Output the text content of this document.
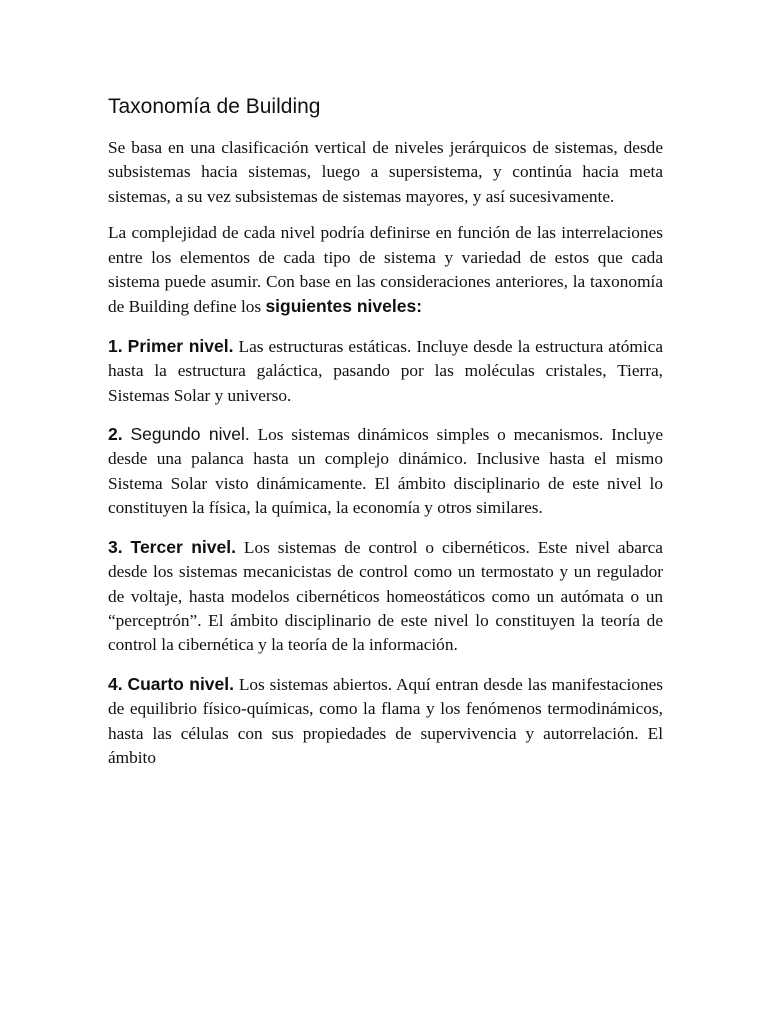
Taxonomía de Building

Se basa en una clasificación vertical de niveles jerárquicos de sistemas, desde subsistemas hacia sistemas, luego a supersistema, y continúa hacia meta sistemas, a su vez subsistemas de sistemas mayores, y así sucesivamente.

La complejidad de cada nivel podría definirse en función de las interrelaciones entre los elementos de cada tipo de sistema y variedad de estos que cada sistema puede asumir. Con base en las consideraciones anteriores, la taxonomía de Building define los siguientes niveles:

1. Primer nivel. Las estructuras estáticas. Incluye desde la estructura atómica hasta la estructura galáctica, pasando por las moléculas cristales, Tierra, Sistemas Solar y universo.

2. Segundo nivel. Los sistemas dinámicos simples o mecanismos. Incluye desde una palanca hasta un complejo dinámico. Inclusive hasta el mismo Sistema Solar visto dinámicamente. El ámbito disciplinario de este nivel lo constituyen la física, la química, la economía y otros similares.

3. Tercer nivel. Los sistemas de control o cibernéticos. Este nivel abarca desde los sistemas mecanicistas de control como un termostato y un regulador de voltaje, hasta modelos cibernéticos homeostáticos como un autómata o un “perceptrón”. El ámbito disciplinario de este nivel lo constituyen la teoría de control la cibernética y la teoría de la información.

4. Cuarto nivel. Los sistemas abiertos. Aquí entran desde las manifestaciones de equilibrio físico-químicas, como la flama y los fenómenos termodinámicos, hasta las células con sus propiedades de supervivencia y autorrelación. El ámbito
